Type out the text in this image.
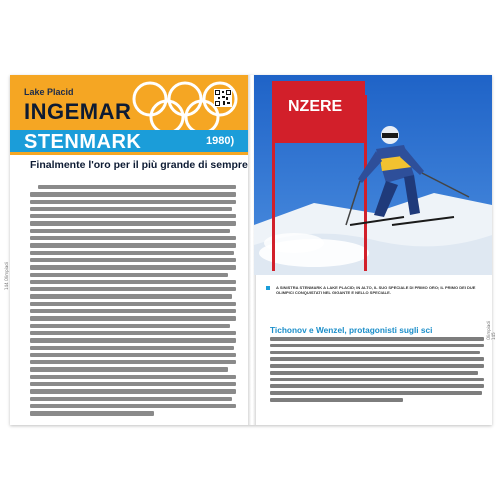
Lake Placid
INGEMAR
STENMARK	1980)
Finalmente l'oro per il più grande di sempre
NZERE
A SINISTRA STENMARK A LAKE PLACID; IN ALTO, IL SUO SPECIALE DI PRIMO ORO; IL PRIMO DEI DUE OLIMPICI CONQUISTATI NEL GIGANTE E NELLO SPECIALE.
Tichonov e Wenzel, protagonisti sugli sci
144 Olimpiadi
Olimpiadi 145
